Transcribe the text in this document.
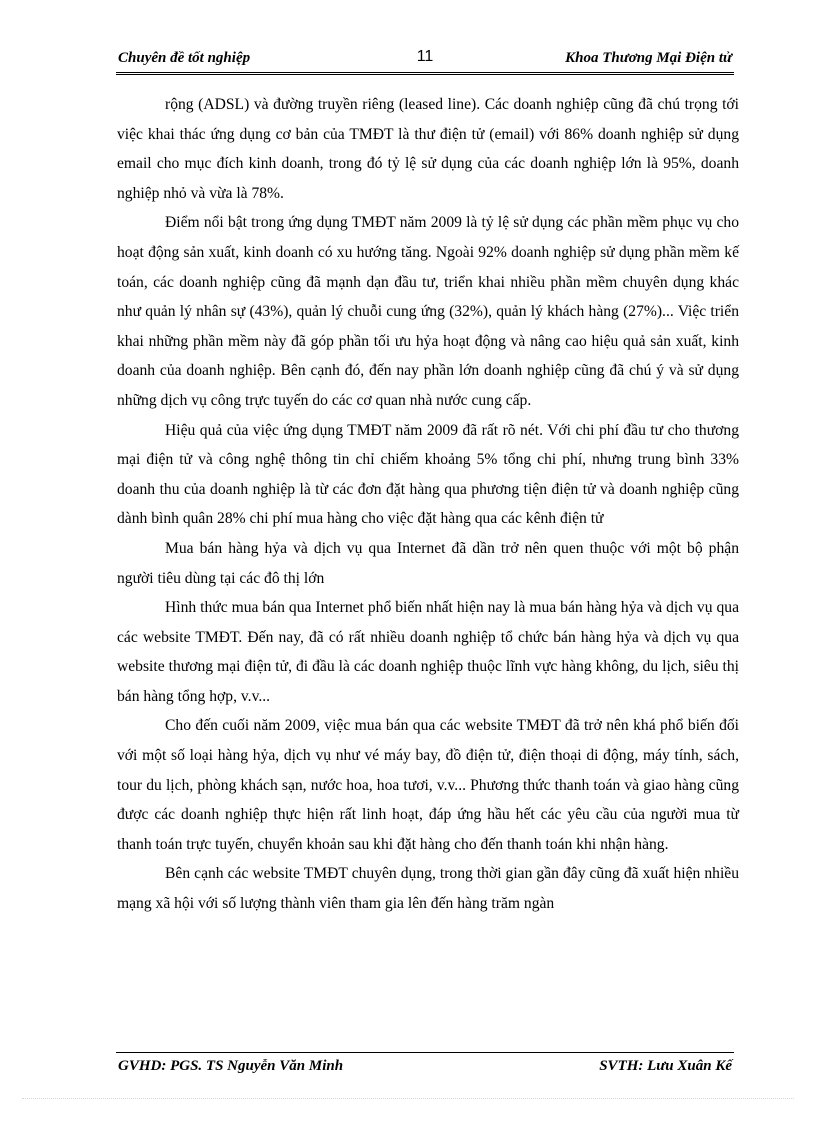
Chuyên đề tốt nghiệp	11	Khoa Thương Mại Điện tử

rộng (ADSL) và đường truyền riêng (leased line). Các doanh nghiệp cũng đã chú trọng tới việc khai thác ứng dụng cơ bản của TMĐT là thư điện tử (email) với 86% doanh nghiệp sử dụng email cho mục đích kinh doanh, trong đó tỷ lệ sử dụng của các doanh nghiệp lớn là 95%, doanh nghiệp nhỏ và vừa là 78%.

Điểm nổi bật trong ứng dụng TMĐT năm 2009 là tỷ lệ sử dụng các phần mềm phục vụ cho hoạt động sản xuất, kinh doanh có xu hướng tăng. Ngoài 92% doanh nghiệp sử dụng phần mềm kế toán, các doanh nghiệp cũng đã mạnh dạn đầu tư, triển khai nhiều phần mềm chuyên dụng khác như quản lý nhân sự (43%), quản lý chuỗi cung ứng (32%), quản lý khách hàng (27%)... Việc triển khai những phần mềm này đã góp phần tối ưu hỷa hoạt động và nâng cao hiệu quả sản xuất, kinh doanh của doanh nghiệp. Bên cạnh đó, đến nay phần lớn doanh nghiệp cũng đã chú ý và sử dụng những dịch vụ công trực tuyến do các cơ quan nhà nước cung cấp.

Hiệu quả của việc ứng dụng TMĐT năm 2009 đã rất rõ nét. Với chi phí đầu tư cho thương mại điện tử và công nghệ thông tin chỉ chiếm khoảng 5% tổng chi phí, nhưng trung bình 33% doanh thu của doanh nghiệp là từ các đơn đặt hàng qua phương tiện điện tử và doanh nghiệp cũng dành bình quân 28% chi phí mua hàng cho việc đặt hàng qua các kênh điện tử

Mua bán hàng hỷa và dịch vụ qua Internet đã dần trở nên quen thuộc với một bộ phận người tiêu dùng tại các đô thị lớn

Hình thức mua bán qua Internet phổ biến nhất hiện nay là mua bán hàng hỷa và dịch vụ qua các website TMĐT. Đến nay, đã có rất nhiều doanh nghiệp tổ chức bán hàng hỷa và dịch vụ qua website thương mại điện tử, đi đầu là các doanh nghiệp thuộc lĩnh vực hàng không, du lịch, siêu thị bán hàng tổng hợp, v.v...

Cho đến cuối năm 2009, việc mua bán qua các website TMĐT đã trở nên khá phổ biến đối với một số loại hàng hỷa, dịch vụ như vé máy bay, đồ điện tử, điện thoại di động, máy tính, sách, tour du lịch, phòng khách sạn, nước hoa, hoa tươi, v.v... Phương thức thanh toán và giao hàng cũng được các doanh nghiệp thực hiện rất linh hoạt, đáp ứng hầu hết các yêu cầu của người mua từ thanh toán trực tuyến, chuyển khoản sau khi đặt hàng cho đến thanh toán khi nhận hàng.

Bên cạnh các website TMĐT chuyên dụng, trong thời gian gần đây cũng đã xuất hiện nhiều mạng xã hội với số lượng thành viên tham gia lên đến hàng trăm ngàn

GVHD: PGS. TS Nguyễn Văn Minh	SVTH: Lưu Xuân Kế
